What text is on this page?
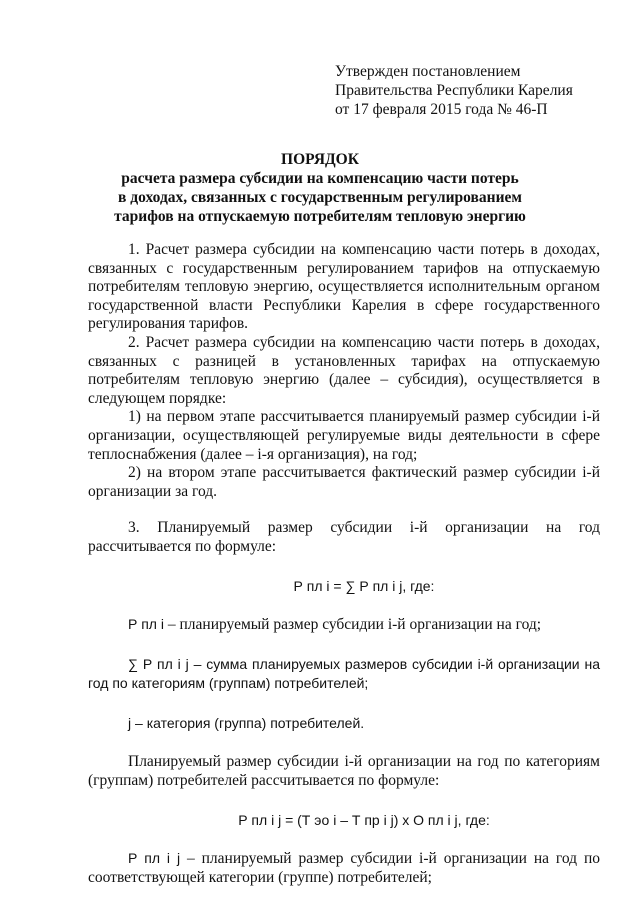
Утвержден постановлением
Правительства Республики Карелия
от 17 февраля 2015 года № 46-П
ПОРЯДОК
расчета размера субсидии на компенсацию части потерь
в доходах, связанных с государственным регулированием
тарифов на отпускаемую потребителям тепловую энергию

1. Расчет размера субсидии на компенсацию части потерь в доходах, связанных с государственным регулированием тарифов на отпускаемую потребителям тепловую энергию, осуществляется исполнительным органом государственной власти Республики Карелия в сфере государственного регулирования тарифов.

2. Расчет размера субсидии на компенсацию части потерь в доходах, связанных с разницей в установленных тарифах на отпускаемую потребителям тепловую энергию (далее – субсидия), осуществляется в следующем порядке:

1) на первом этапе рассчитывается планируемый размер субсидии i-й организации, осуществляющей регулируемые виды деятельности в сфере теплоснабжения (далее – i-я организация), на год;

2) на втором этапе рассчитывается фактический размер субсидии i-й организации за год.

3. Планируемый размер субсидии i-й организации на год рассчитывается по формуле:

Р пл i = ∑ Р пл i j, где:

Р пл i – планируемый размер субсидии i-й организации на год;

∑ Р пл i j – сумма планируемых размеров субсидии i-й организации на год по категориям (группам) потребителей;

j – категория (группа) потребителей.

Планируемый размер субсидии i-й организации на год по категориям (группам) потребителей рассчитывается по формуле:

Р пл i j = (Т эо i – Т пр i j) х О пл i j, где:

Р пл i j – планируемый размер субсидии i-й организации на год по соответствующей категории (группе) потребителей;
